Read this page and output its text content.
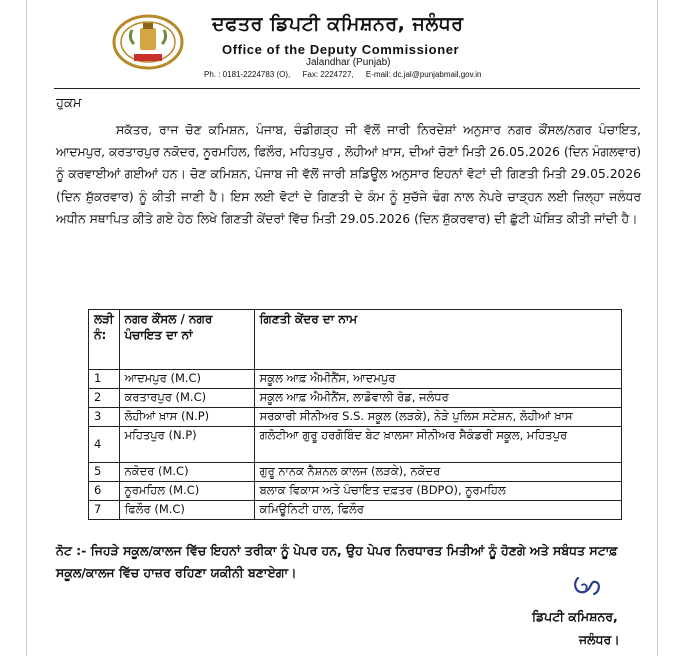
ਦਫਤਰ ਡਿਪਟੀ ਕਮਿਸ਼ਨਰ, ਜਲੰਧਰ
Office of the Deputy Commissioner
Jalandhar (Punjab)
Ph. : 0181-2224783 (O), Fax: 2224727, E-mail: dc.jal@punjabmail.gov.in
ਹੁਕਮ
ਸਕੱਤਰ, ਰਾਜ ਚੋਣ ਕਮਿਸ਼ਨ, ਪੰਜਾਬ, ਚੰਡੀਗੜ੍ਹ ਜੀ ਵੱਲੋਂ ਜਾਰੀ ਨਿਰਦੇਸ਼ਾਂ ਅਨੁਸਾਰ ਨਗਰ ਕੌਂਸਲ/ਨਗਰ ਪੰਚਾਇਤ, ਆਦਮਪੁਰ, ਕਰਤਾਰਪੁਰ ਨਕੋਦਰ, ਨੂਰਮਹਿਲ, ਫਿਲੌਰ, ਮਹਿਤਪੁਰ , ਲੋਹੀਆਂ ਖ਼ਾਸ, ਦੀਆਂ ਚੋਣਾਂ ਮਿਤੀ 26.05.2026 (ਦਿਨ ਮੰਗਲਵਾਰ) ਨੂੰ ਕਰਵਾਈਆਂ ਗਈਆਂ ਹਨ। ਚੋਣ ਕਮਿਸ਼ਨ, ਪੰਜਾਬ ਜੀ ਵੱਲੋਂ ਜਾਰੀ ਸ਼ਡਿਊਲ ਅਨੁਸਾਰ ਇਹਨਾਂ ਵੋਟਾਂ ਦੀ ਗਿਣਤੀ ਮਿਤੀ 29.05.2026 (ਦਿਨ ਸ਼ੁੱਕਰਵਾਰ) ਨੂੰ ਕੀਤੀ ਜਾਣੀ ਹੈ। ਇਸ ਲਈ ਵੋਟਾਂ ਦੇ ਗਿਣਤੀ ਦੇ ਕੰਮ ਨੂੰ ਸੁਚੱਜੇ ਢੰਗ ਨਾਲ ਨੇਪਰੇ ਚਾੜ੍ਹਨ ਲਈ ਜ਼ਿਲ੍ਹਾ ਜਲੰਧਰ ਅਧੀਨ ਸਥਾਪਿਤ ਕੀਤੇ ਗਏ ਹੇਠ ਲਿਖੇ ਗਿਣਤੀ ਕੇਂਦਰਾਂ ਵਿੱਚ ਮਿਤੀ 29.05.2026 (ਦਿਨ ਸ਼ੁੱਕਰਵਾਰ) ਦੀ ਛੁੱਟੀ ਘੋਸ਼ਿਤ ਕੀਤੀ ਜਾਂਦੀ ਹੈ।
ਲੜੀ ਨੰ:	ਨਗਰ ਕੌਂਸਲ / ਨਗਰ ਪੰਚਾਇਤ ਦਾ ਨਾਂ	ਗਿਣਤੀ ਕੇਂਦਰ ਦਾ ਨਾਮ
1	ਆਦਮਪੁਰ (M.C)	ਸਕੂਲ ਆਫ਼ ਐਮੀਨੈਂਸ, ਆਦਮਪੁਰ
2	ਕਰਤਾਰਪੁਰ (M.C)	ਸਕੂਲ ਆਫ਼ ਐਮੀਨੈਂਸ, ਲਾਡੋਵਾਲੀ ਰੋਡ, ਜਲੰਧਰ
3	ਲੋਹੀਆਂ ਖ਼ਾਸ (N.P)	ਸਰਕਾਰੀ ਸੀਨੀਅਰ S.S. ਸਕੂਲ (ਲੜਕੇ), ਨੇੜੇ ਪੁਲਿਸ ਸਟੇਸ਼ਨ, ਲੋਹੀਆਂ ਖ਼ਾਸ
4	ਮਹਿਤਪੁਰ (N.P)	ਗਲੋਟੀਆ ਗੁਰੂ ਹਰਗੋਬਿੰਦ ਬੇਟ ਖ਼ਾਲਸਾ ਸੀਨੀਅਰ ਸੈਕੰਡਰੀ ਸਕੂਲ, ਮਹਿਤਪੁਰ
5	ਨਕੋਦਰ (M.C)	ਗੁਰੂ ਨਾਨਕ ਨੈਸ਼ਨਲ ਕਾਲਜ (ਲੜਕੇ), ਨਕੋਦਰ
6	ਨੂਰਮਹਿਲ (M.C)	ਬਲਾਕ ਵਿਕਾਸ ਅਤੇ ਪੰਚਾਇਤ ਦਫ਼ਤਰ (BDPO), ਨੂਰਮਹਿਲ
7	ਫਿਲੌਰ (M.C)	ਕਮਿਊਨਿਟੀ ਹਾਲ, ਫਿਲੌਰ
ਨੋਟ :- ਜਿਹੜੇ ਸਕੂਲ/ਕਾਲਜ ਵਿੱਚ ਇਹਨਾਂ ਤਰੀਕਾ ਨੂੰ ਪੇਪਰ ਹਨ, ਉਹ ਪੇਪਰ ਨਿਰਧਾਰਤ ਮਿਤੀਆਂ ਨੂੰ ਹੋਣਗੇ ਅਤੇ ਸਬੰਧਤ ਸਟਾਫ਼ ਸਕੂਲ/ਕਾਲਜ ਵਿੱਚ ਹਾਜ਼ਰ ਰਹਿਣਾ ਯਕੀਨੀ ਬਣਾਏਗਾ।
ਡਿਪਟੀ ਕਮਿਸ਼ਨਰ,
ਜਲੰਧਰ।
